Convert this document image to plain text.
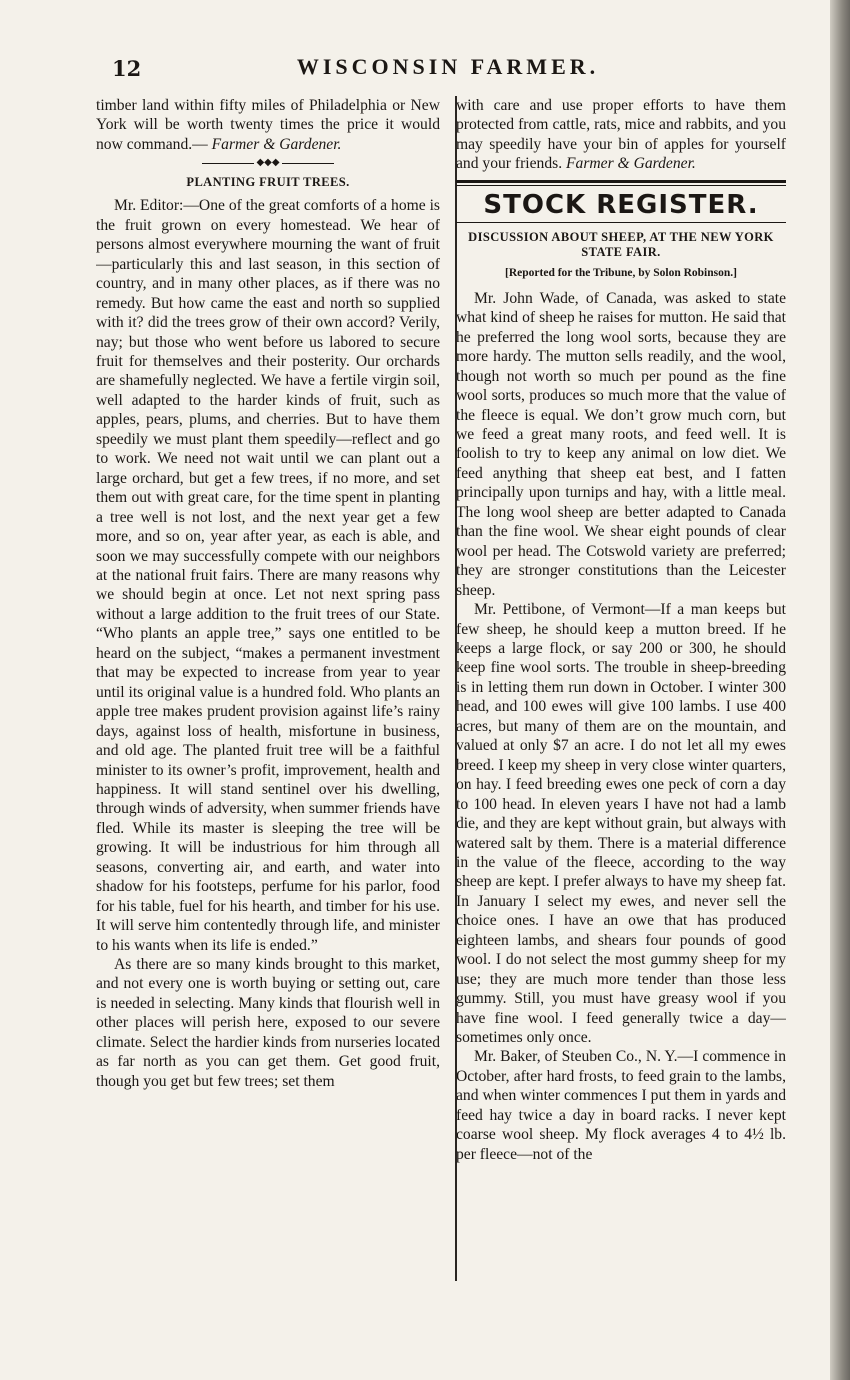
12	WISCONSIN FARMER.

timber land within fifty miles of Philadelphia or New York will be worth twenty times the price it would now command.— Farmer & Gardener.

◆◆◆
PLANTING FRUIT TREES.

Mr. Editor:—One of the great comforts of a home is the fruit grown on every homestead. We hear of persons almost everywhere mourning the want of fruit—particularly this and last season, in this section of country, and in many other places, as if there was no remedy. But how came the east and north so supplied with it? did the trees grow of their own accord? Verily, nay; but those who went before us labored to secure fruit for themselves and their posterity. Our orchards are shamefully neglected. We have a fertile virgin soil, well adapted to the harder kinds of fruit, such as apples, pears, plums, and cherries. But to have them speedily we must plant them speedily—reflect and go to work. We need not wait until we can plant out a large orchard, but get a few trees, if no more, and set them out with great care, for the time spent in planting a tree well is not lost, and the next year get a few more, and so on, year after year, as each is able, and soon we may successfully compete with our neighbors at the national fruit fairs. There are many reasons why we should begin at once. Let not next spring pass without a large addition to the fruit trees of our State. “Who plants an apple tree,” says one entitled to be heard on the subject, “makes a permanent investment that may be expected to increase from year to year until its original value is a hundred fold. Who plants an apple tree makes prudent provision against life’s rainy days, against loss of health, misfortune in business, and old age. The planted fruit tree will be a faithful minister to its owner’s profit, improvement, health and happiness. It will stand sentinel over his dwelling, through winds of adversity, when summer friends have fled. While its master is sleeping the tree will be growing. It will be industrious for him through all seasons, converting air, and earth, and water into shadow for his footsteps, perfume for his parlor, food for his table, fuel for his hearth, and timber for his use. It will serve him contentedly through life, and minister to his wants when its life is ended.”

As there are so many kinds brought to this market, and not every one is worth buying or setting out, care is needed in selecting. Many kinds that flourish well in other places will perish here, exposed to our severe climate. Select the hardier kinds from nurseries located as far north as you can get them. Get good fruit, though you get but few trees; set them

with care and use proper efforts to have them protected from cattle, rats, mice and rabbits, and you may speedily have your bin of apples for yourself and your friends. Farmer & Gardener.

STOCK REGISTER.
DISCUSSION ABOUT SHEEP, AT THE NEW YORK STATE FAIR.
[Reported for the Tribune, by Solon Robinson.]

Mr. John Wade, of Canada, was asked to state what kind of sheep he raises for mutton. He said that he preferred the long wool sorts, because they are more hardy. The mutton sells readily, and the wool, though not worth so much per pound as the fine wool sorts, produces so much more that the value of the fleece is equal. We don’t grow much corn, but we feed a great many roots, and feed well. It is foolish to try to keep any animal on low diet. We feed anything that sheep eat best, and I fatten principally upon turnips and hay, with a little meal. The long wool sheep are better adapted to Canada than the fine wool. We shear eight pounds of clear wool per head. The Cotswold variety are preferred; they are stronger constitutions than the Leicester sheep.

Mr. Pettibone, of Vermont—If a man keeps but few sheep, he should keep a mutton breed. If he keeps a large flock, or say 200 or 300, he should keep fine wool sorts. The trouble in sheep-breeding is in letting them run down in October. I winter 300 head, and 100 ewes will give 100 lambs. I use 400 acres, but many of them are on the mountain, and valued at only $7 an acre. I do not let all my ewes breed. I keep my sheep in very close winter quarters, on hay. I feed breeding ewes one peck of corn a day to 100 head. In eleven years I have not had a lamb die, and they are kept without grain, but always with watered salt by them. There is a material difference in the value of the fleece, according to the way sheep are kept. I prefer always to have my sheep fat. In January I select my ewes, and never sell the choice ones. I have an owe that has produced eighteen lambs, and shears four pounds of good wool. I do not select the most gummy sheep for my use; they are much more tender than those less gummy. Still, you must have greasy wool if you have fine wool. I feed generally twice a day—sometimes only once.

Mr. Baker, of Steuben Co., N. Y.—I commence in October, after hard frosts, to feed grain to the lambs, and when winter commences I put them in yards and feed hay twice a day in board racks. I never kept coarse wool sheep. My flock averages 4 to 4½ lb. per fleece—not of the
